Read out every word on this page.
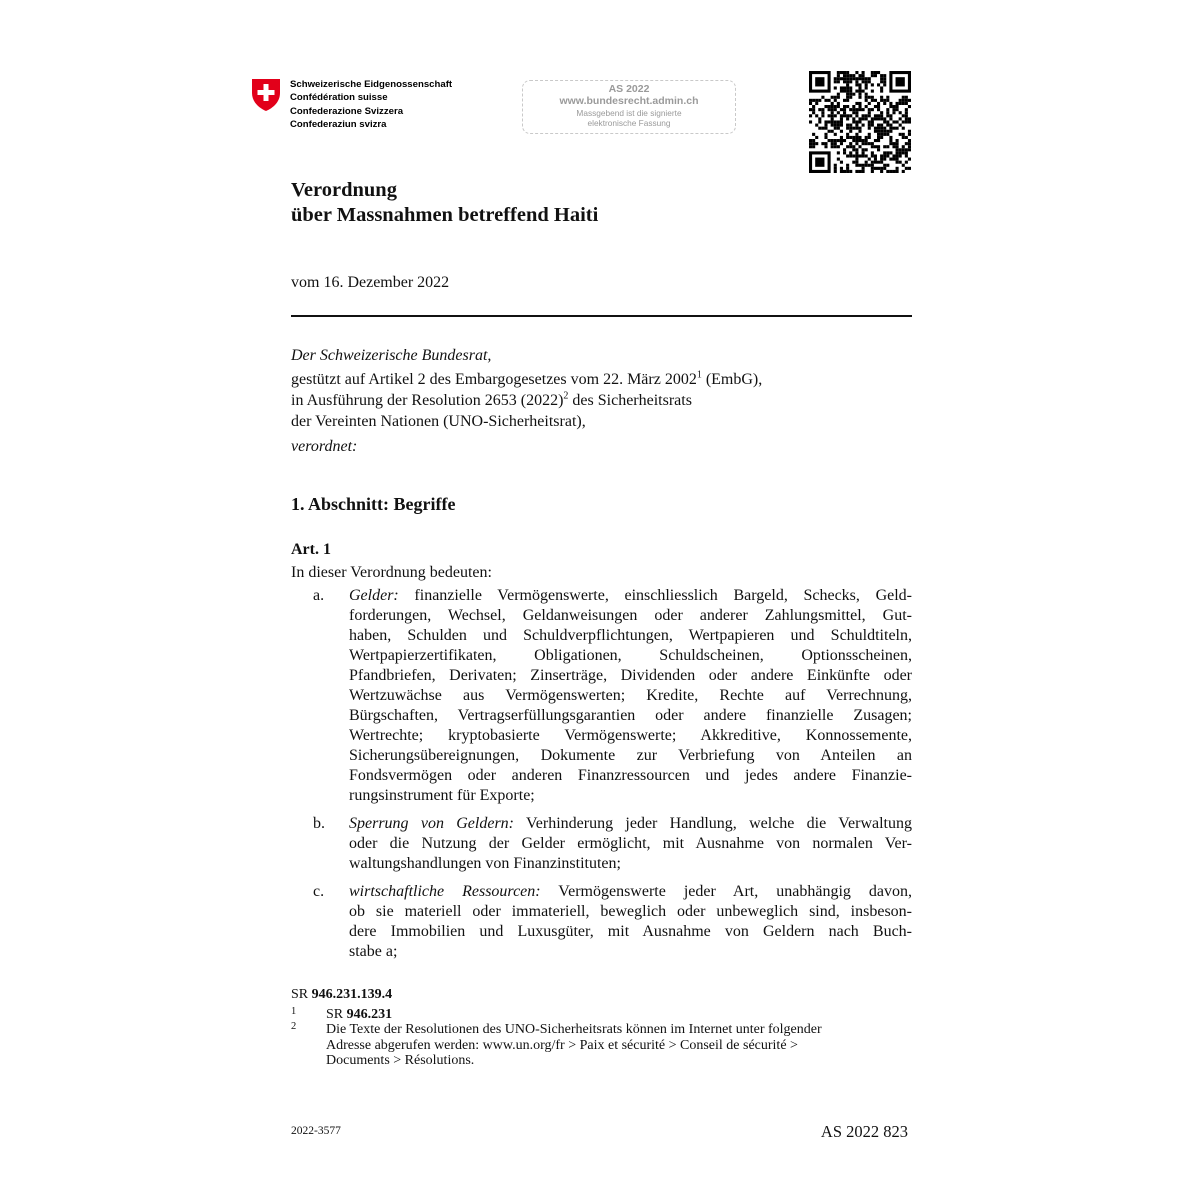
Schweizerische Eidgenossenschaft
Confédération suisse
Confederazione Svizzera
Confederaziun svizra
AS 2022
www.bundesrecht.admin.ch
Massgebend ist die signierte
elektronische Fassung
Verordnung
über Massnahmen betreffend Haiti
vom 16. Dezember 2022
Der Schweizerische Bundesrat,
gestützt auf Artikel 2 des Embargogesetzes vom 22. März 2002$^1$ (EmbG),
in Ausführung der Resolution 2653 $(2022)^2$ des Sicherheitsrats
der Vereinten Nationen (UNO-Sicherheitsrat),
verordnet:
1. Abschnitt: Begriffe
Art. 1
In dieser Verordnung bedeuten:
a. Gelder: finanzielle Vermögenswerte, einschliesslich Bargeld, Schecks, Geld-
forderungen, Wechsel, Geldanweisungen oder anderer Zahlungsmittel, Gut-
haben, Schulden und Schuldverpflichtungen, Wertpapieren und Schuldtiteln,
Wertpapierzertifikaten, Obligationen, Schuldscheinen, Optionsscheinen,
Pfandbriefen, Derivaten; Zinserträge, Dividenden oder andere Einkünfte oder
Wertzuwächse aus Vermögenswerten; Kredite, Rechte auf Verrechnung,
Bürgschaften, Vertragserfüllungsgarantien oder andere finanzielle Zusagen;
Wertrechte; kryptobasierte Vermögenswerte; Akkreditive, Konnossemente,
Sicherungsübereignungen, Dokumente zur Verbriefung von Anteilen an
Fondsvermögen oder anderen Finanzressourcen und jedes andere Finanzie-
rungsinstrument für Exporte;
b. Sperrung von Geldern: Verhinderung jeder Handlung, welche die Verwaltung
oder die Nutzung der Gelder ermöglicht, mit Ausnahme von normalen Ver-
waltungshandlungen von Finanzinstituten;
c. wirtschaftliche Ressourcen: Vermögenswerte jeder Art, unabhängig davon,
ob sie materiell oder immateriell, beweglich oder unbeweglich sind, insbeson-
dere Immobilien und Luxusgüter, mit Ausnahme von Geldern nach Buch-
stabe a;
SR 946.231.139.4
1 SR 946.231
2 Die Texte der Resolutionen des UNO-Sicherheitsrats können im Internet unter folgender
Adresse abgerufen werden: www.un.org/fr > Paix et sécurité > Conseil de sécurité >
Documents > Résolutions.
2022-3577	AS 2022 823
